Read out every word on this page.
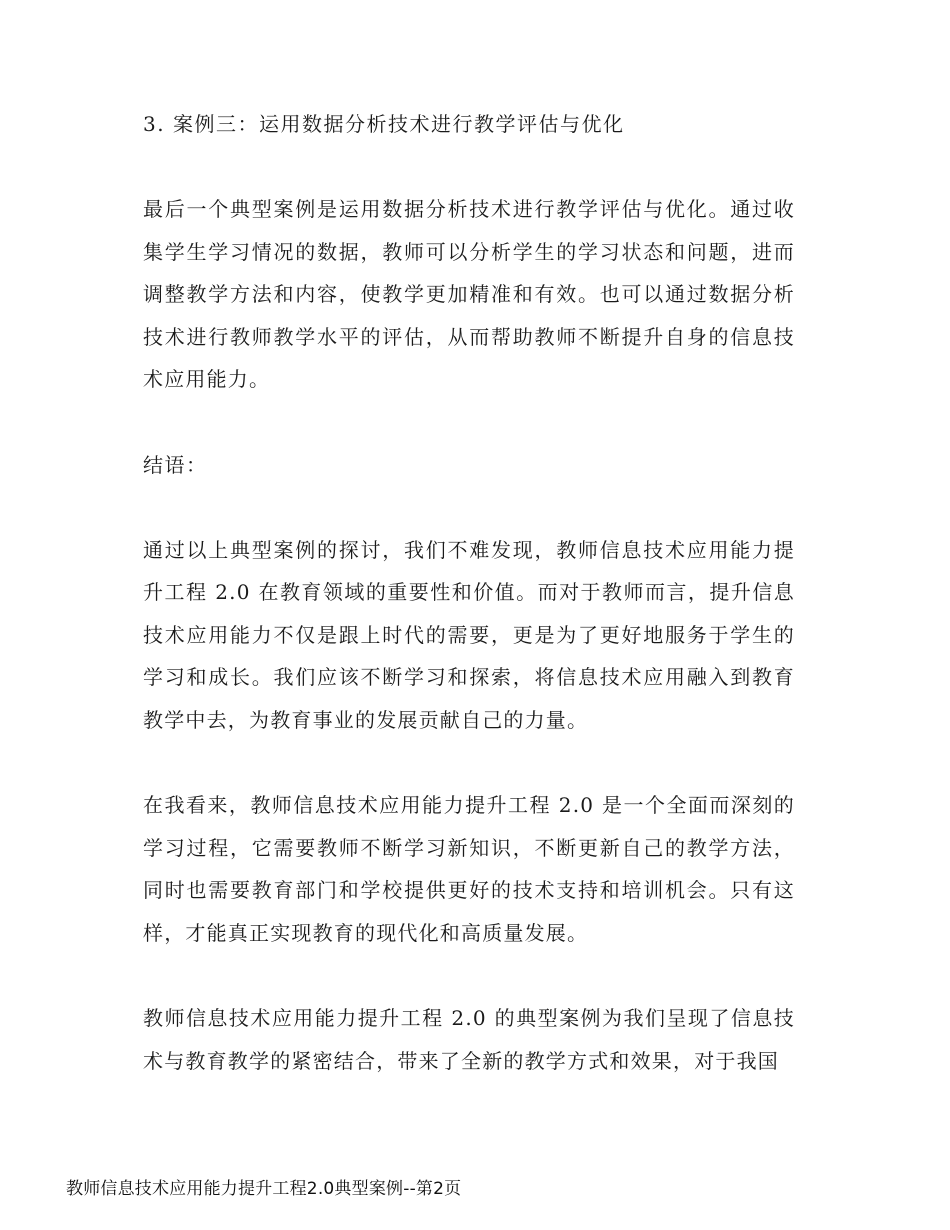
3. 案例三：运用数据分析技术进行教学评估与优化

最后一个典型案例是运用数据分析技术进行教学评估与优化。通过收集学生学习情况的数据，教师可以分析学生的学习状态和问题，进而调整教学方法和内容，使教学更加精准和有效。也可以通过数据分析技术进行教师教学水平的评估，从而帮助教师不断提升自身的信息技术应用能力。

结语：

通过以上典型案例的探讨，我们不难发现，教师信息技术应用能力提升工程 2.0 在教育领域的重要性和价值。而对于教师而言，提升信息技术应用能力不仅是跟上时代的需要，更是为了更好地服务于学生的学习和成长。我们应该不断学习和探索，将信息技术应用融入到教育教学中去，为教育事业的发展贡献自己的力量。

在我看来，教师信息技术应用能力提升工程 2.0 是一个全面而深刻的学习过程，它需要教师不断学习新知识，不断更新自己的教学方法，同时也需要教育部门和学校提供更好的技术支持和培训机会。只有这样，才能真正实现教育的现代化和高质量发展。

教师信息技术应用能力提升工程 2.0 的典型案例为我们呈现了信息技术与教育教学的紧密结合，带来了全新的教学方式和效果，对于我国

教师信息技术应用能力提升工程2.0典型案例--第2页
